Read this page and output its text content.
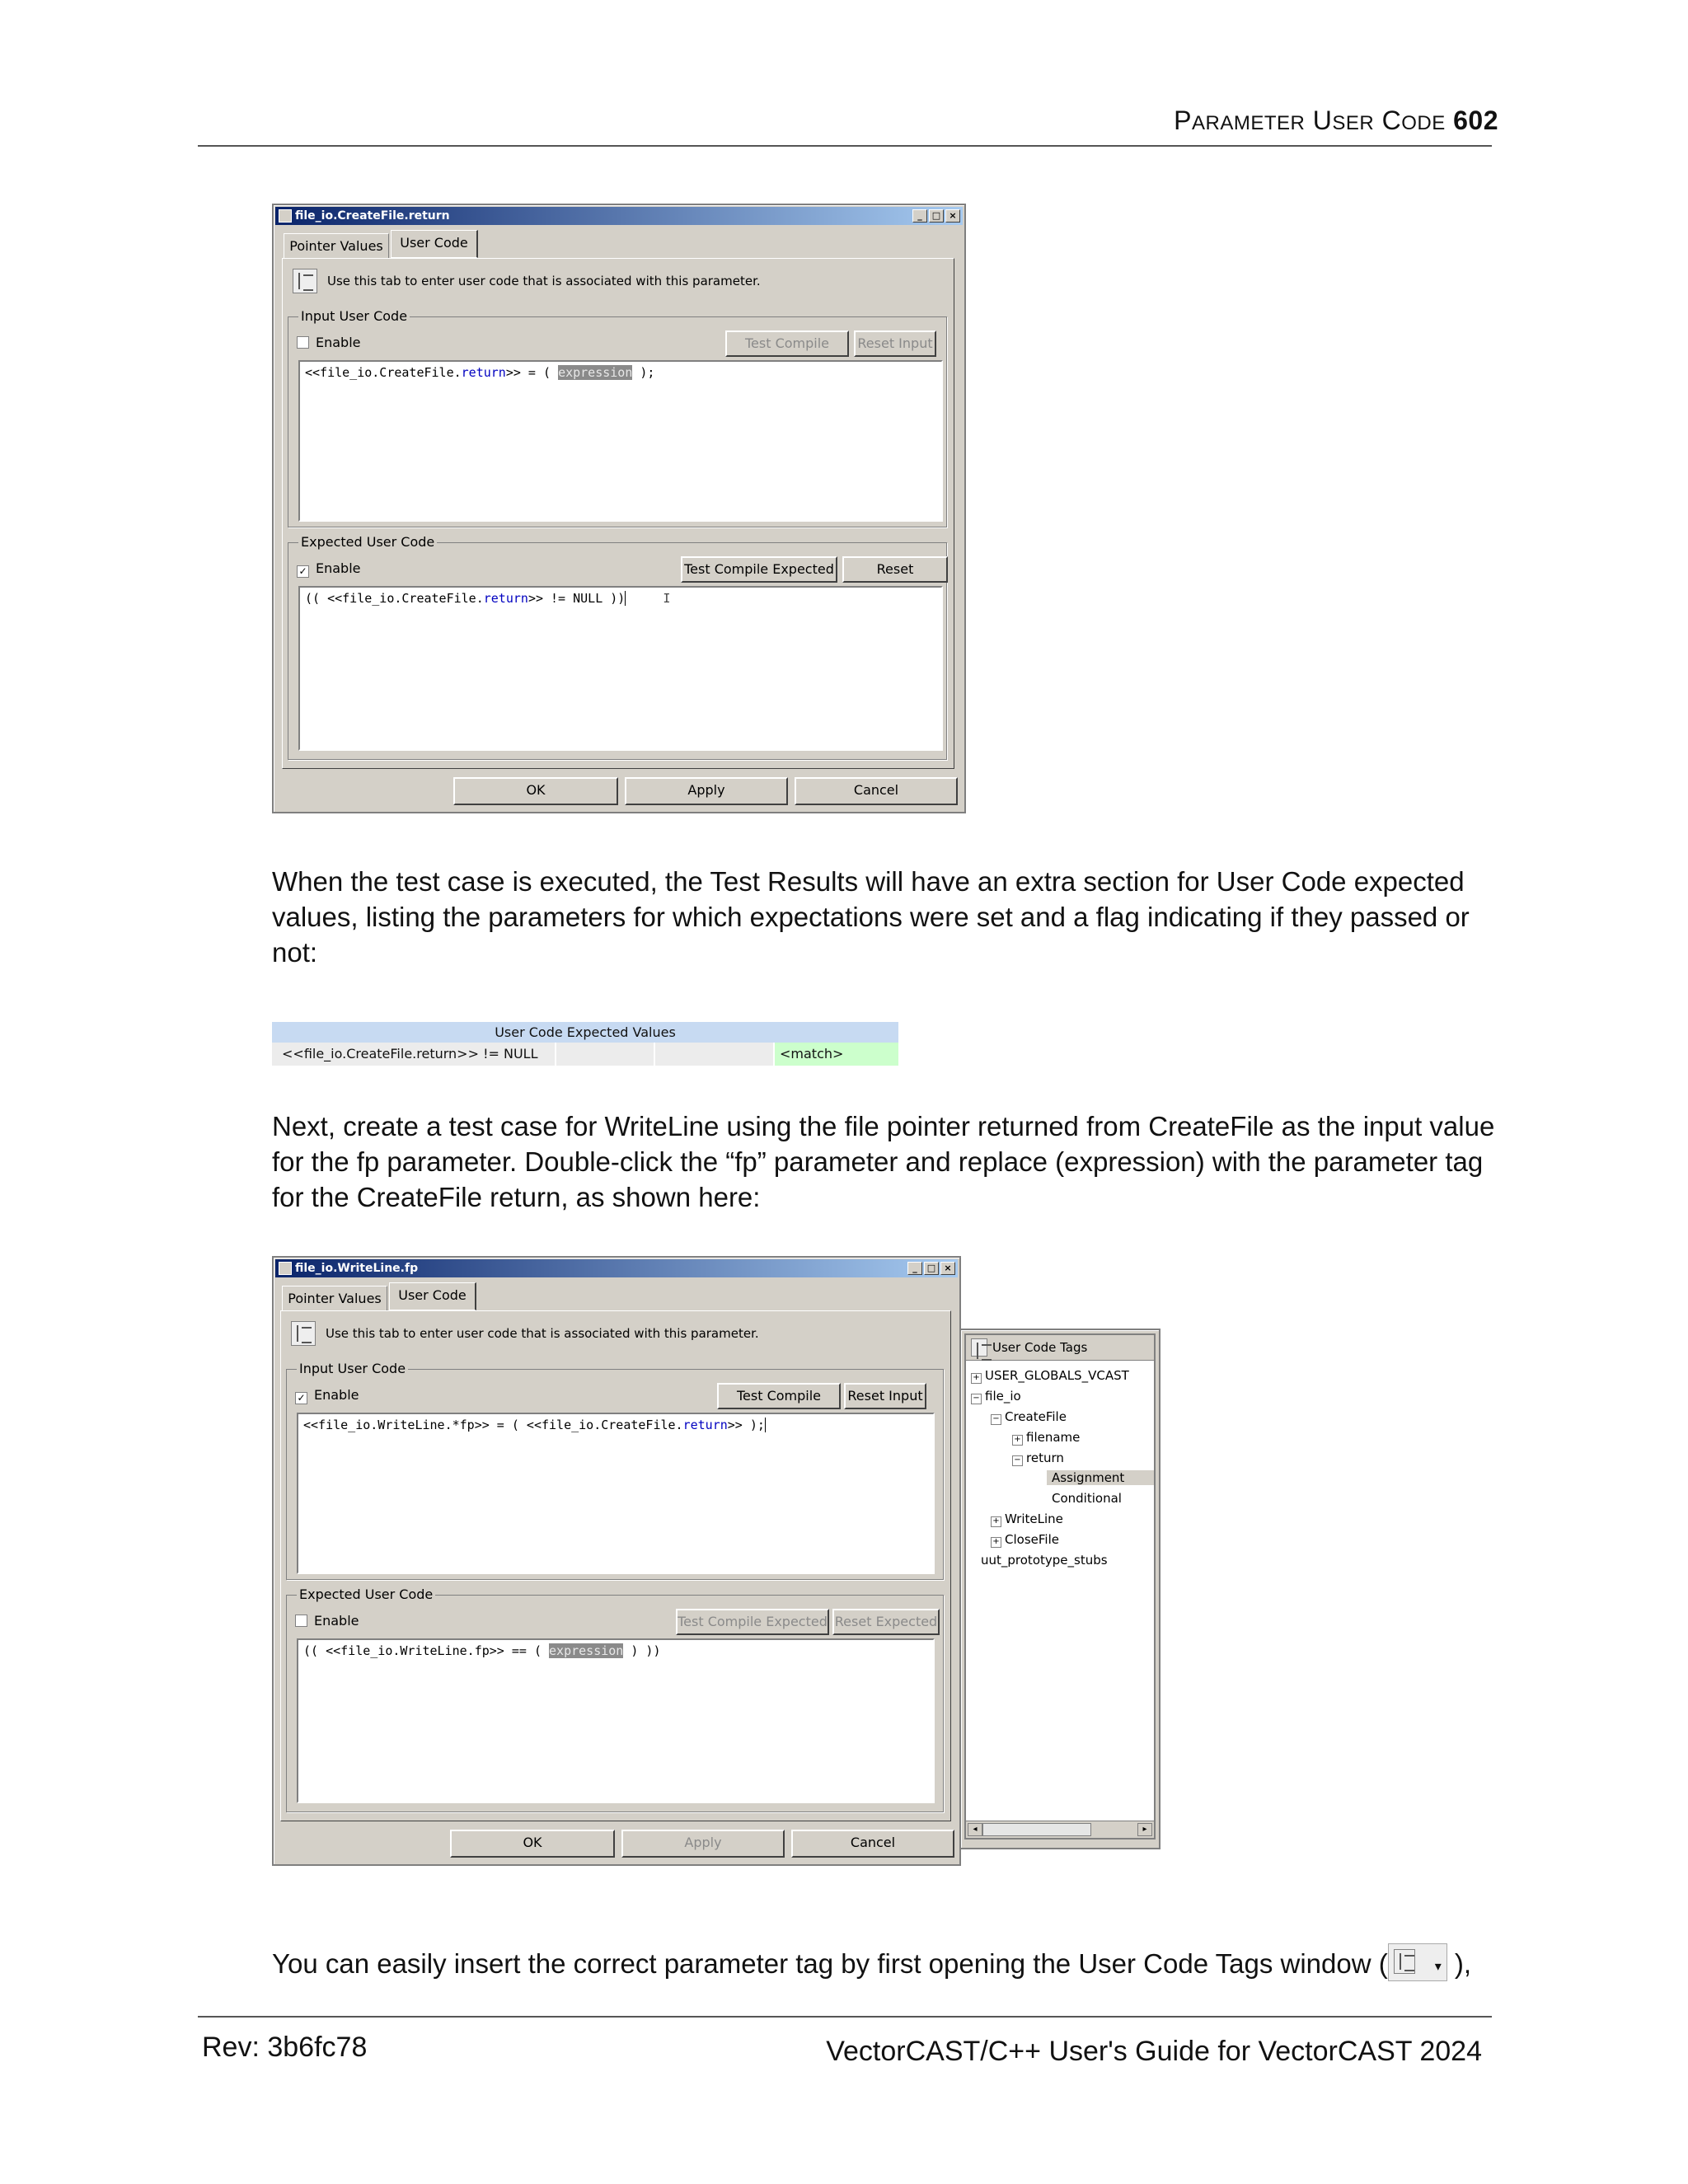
PARAMETER USER CODE 602
file_io.CreateFile.return	_	□ ×
Pointer Values	User Code
Use this tab to enter user code that is associated with this parameter.
Input User Code
Enable	Test Compile	Reset Input
<<file_io.CreateFile.return>> = ( expression );
Expected User Code
✓ Enable	Test Compile Expected	Reset
(( <<file_io.CreateFile.return>> != NULL ))	I
OK	Apply	Cancel
When the test case is executed, the Test Results will have an extra section for User Code expected values, listing the parameters for which expectations were set and a flag indicating if they passed or not:
User Code Expected Values
<<file_io.CreateFile.return>> != NULL	<match>
Next, create a test case for WriteLine using the file pointer returned from CreateFile as the input value for the fp parameter. Double-click the “fp” parameter and replace (expression) with the parameter tag for the CreateFile return, as shown here:
file_io.WriteLine.fp	_	□ ×
Pointer Values	User Code
Use this tab to enter user code that is associated with this parameter.
Input User Code
✓ Enable	Test Compile	Reset Input
<<file_io.WriteLine.*fp>> = ( <<file_io.CreateFile.return>> );
Expected User Code
Enable	Test Compile Expected Reset Expected
(( <<file_io.WriteLine.fp>> == ( expression ) ))
OK	Apply	Cancel
User Code Tags
+ USER_GLOBALS_VCAST
− file_io
− CreateFile
+ filename
− return
Assignment
Conditional
+ WriteLine
+ CloseFile
uut_prototype_stubs
◂	▸
You can easily insert the correct parameter tag by first opening the User Code Tags window (	▾ ),
Rev: 3b6fc78	VectorCAST/C++ User's Guide for VectorCAST 2024
